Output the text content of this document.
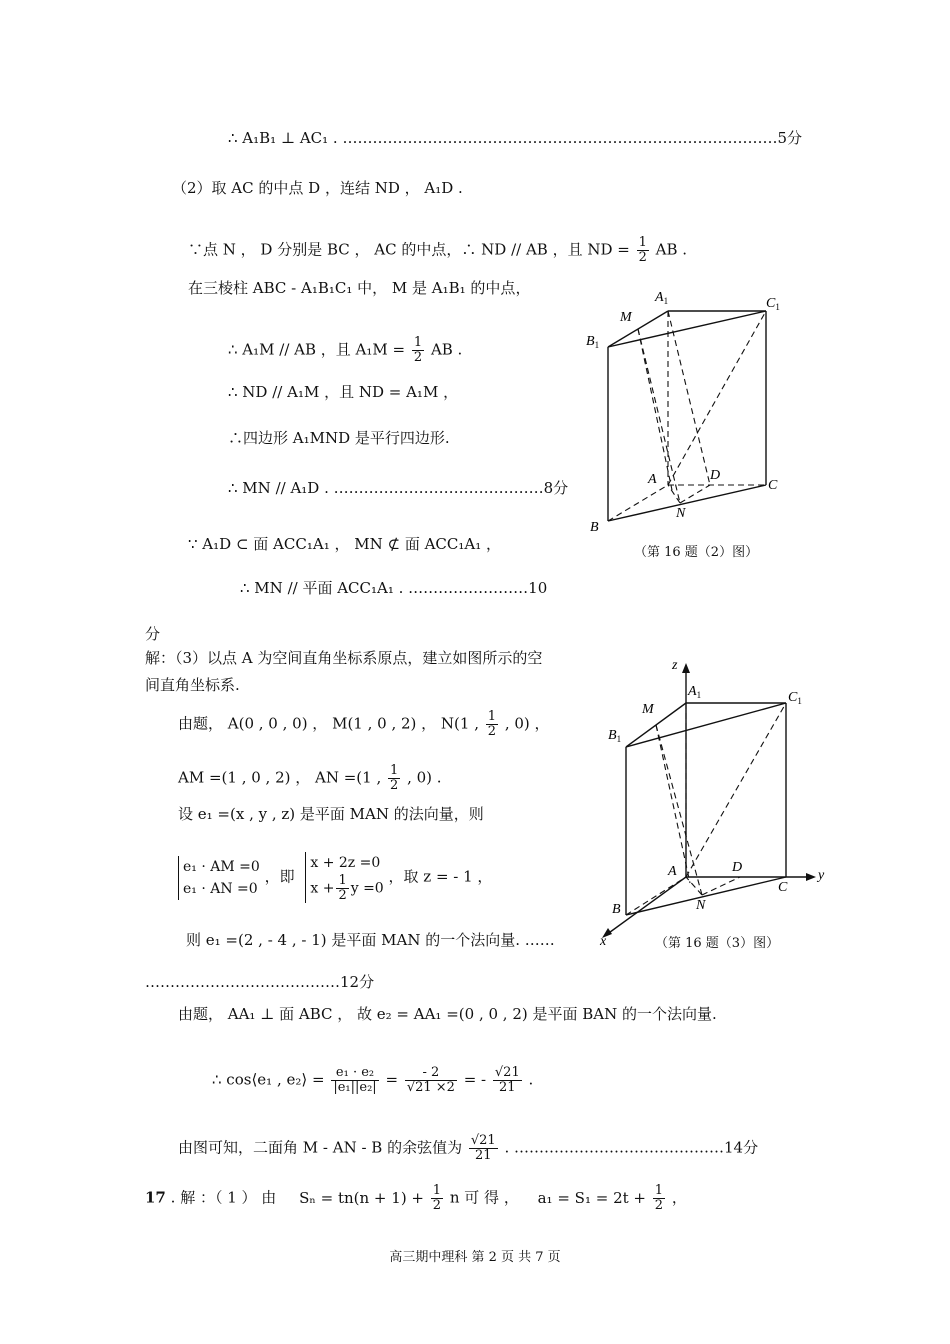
∴ A₁B₁ ⊥ AC₁ . ……………………………………………………………………………5分
（2）取 AC 的中点 D ，连结 ND ， A₁D .
∵点 N ， D 分别是 BC ， AC 的中点，∴ ND // AB ，且 ND = $\frac{1}{2}$ AB .
在三棱柱 ABC - A₁B₁C₁ 中， M 是 A₁B₁ 的中点，
∴ A₁M // AB ，且 $A_1M = \frac{1}{2}$ AB .
∴ ND // A₁M ，且 ND = A₁M ，
∴四边形 A₁MND 是平行四边形.
∴ MN // A₁D . ……………………………………8分
∵ A₁D ⊂ 面 ACC₁A₁ ， MN ⊄ 面 ACC₁A₁ ，
∴ MN // 平面 ACC₁A₁ . ……………………10
分
$A_1$	$C_1$
M
$B_1$
A	D
C
B
N
（第 16 题（2）图）
解：（3）以点 A 为空间直角坐标系原点，建立如图所示的空
间直角坐标系.
由题， A(0 , 0 , 0) ， M(1 , 0 , 2) ， N(1 , $\frac{1}{2}$ , 0) ，
AM =(1 , 0 , 2) ， AN =(1 , $\frac{1}{2}$ , 0) .
设 e₁ =(x , y , z) 是平面 MAN 的法向量，则
e₁ · AM =0
e₁ · AN =0
，即
x + 2z =0
$x + \frac{1}{2}$ y =0
，取 z = - 1 ，
则 e₁ =(2 , - 4 , - 1) 是平面 MAN 的一个法向量. ……
…………………………………12分
由题， AA₁ ⊥ 面 ABC ， 故 e₂ = AA₁ =(0 , 0 , 2) 是平面 BAN 的一个法向量.
∴ cos⟨e₁ , e₂⟩ = $\frac{\text{e₁ · e₂}}{\text{|e₁||e₂|}} = \frac{- 2}{√21 \times 2}$ = - $\frac{√21}{21}$ .
由图可知，二面角 M - AN - B 的余弦值为 $\frac{√21}{21}$ . ……………………………………14分
17 . 解 ：（ 1 ） 由 $S_n = tn(n + 1) + \frac{1}{2}$ n 可 得 ， $a_1 = S_1 = 2t + \frac{1}{2}$ ，
z
$A_1$	$C_1$
M
$B_1$
A	D
C
y
B	N
x	（第 16 题（3）图）
高三期中理科 第 2 页 共 7 页
